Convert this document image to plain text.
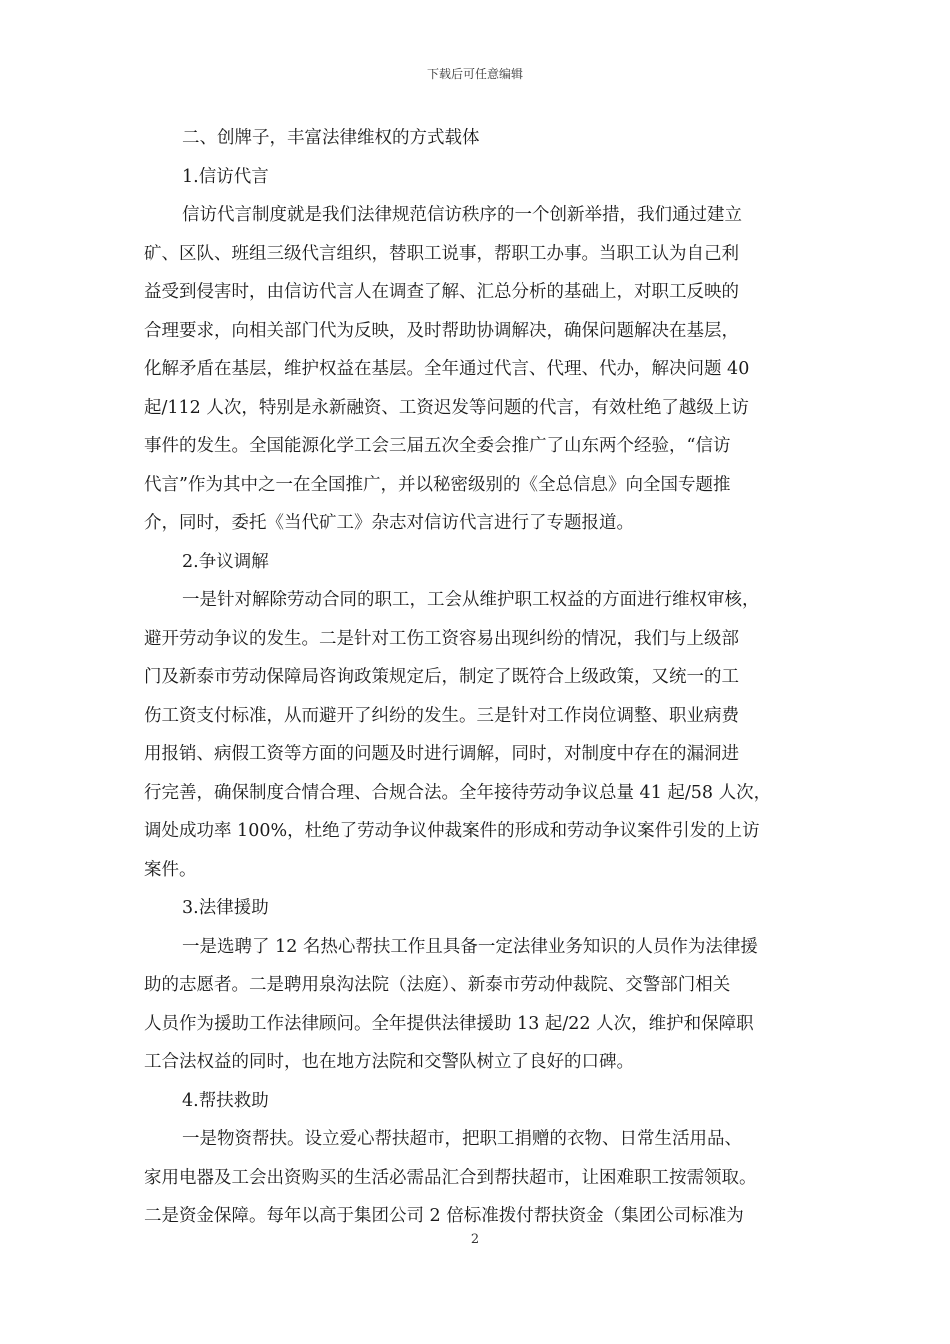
下载后可任意编辑
二、创牌子，丰富法律维权的方式载体
1.信访代言
信访代言制度就是我们法律规范信访秩序的一个创新举措，我们通过建立
矿、区队、班组三级代言组织，替职工说事，帮职工办事。当职工认为自己利
益受到侵害时，由信访代言人在调查了解、汇总分析的基础上，对职工反映的
合理要求，向相关部门代为反映，及时帮助协调解决，确保问题解决在基层，
化解矛盾在基层，维护权益在基层。全年通过代言、代理、代办，解决问题 40
起/112 人次，特别是永新融资、工资迟发等问题的代言，有效杜绝了越级上访
事件的发生。全国能源化学工会三届五次全委会推广了山东两个经验，“信访
代言”作为其中之一在全国推广，并以秘密级别的《全总信息》向全国专题推
介，同时，委托《当代矿工》杂志对信访代言进行了专题报道。
2.争议调解
一是针对解除劳动合同的职工，工会从维护职工权益的方面进行维权审核，
避开劳动争议的发生。二是针对工伤工资容易出现纠纷的情况，我们与上级部
门及新泰市劳动保障局咨询政策规定后，制定了既符合上级政策，又统一的工
伤工资支付标准，从而避开了纠纷的发生。三是针对工作岗位调整、职业病费
用报销、病假工资等方面的问题及时进行调解，同时，对制度中存在的漏洞进
行完善，确保制度合情合理、合规合法。全年接待劳动争议总量 41 起/58 人次，
调处成功率 100%，杜绝了劳动争议仲裁案件的形成和劳动争议案件引发的上访
案件。
3.法律援助
一是选聘了 12 名热心帮扶工作且具备一定法律业务知识的人员作为法律援
助的志愿者。二是聘用泉沟法院（法庭）、新泰市劳动仲裁院、交警部门相关
人员作为援助工作法律顾问。全年提供法律援助 13 起/22 人次，维护和保障职
工合法权益的同时，也在地方法院和交警队树立了良好的口碑。
4.帮扶救助
一是物资帮扶。设立爱心帮扶超市，把职工捐赠的衣物、日常生活用品、
家用电器及工会出资购买的生活必需品汇合到帮扶超市，让困难职工按需领取。
二是资金保障。每年以高于集团公司 2 倍标准拨付帮扶资金（集团公司标准为
2
